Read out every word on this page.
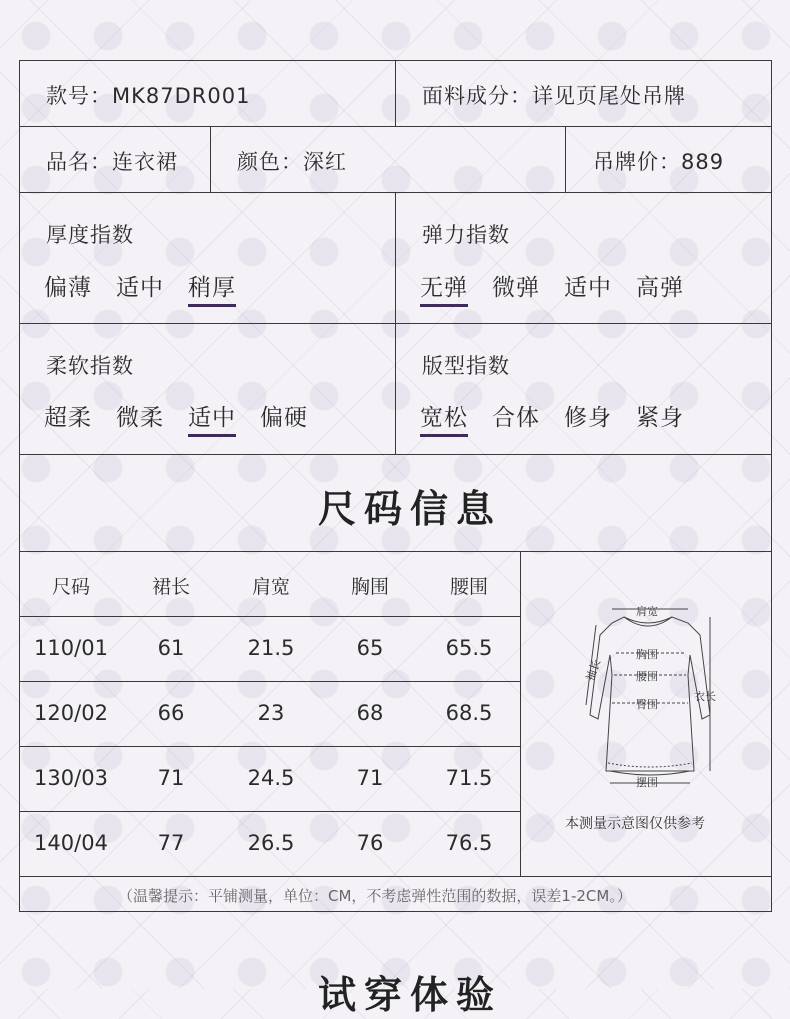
款号：MK87DR001	面料成分：详见页尾处吊牌
品名：连衣裙	颜色：深红	吊牌价：889
厚度指数
偏薄 适中 稍厚
弹力指数
无弹 微弹 适中 高弹
柔软指数
超柔 微柔 适中 偏硬
版型指数
宽松 合体 修身 紧身
尺码信息
尺码	裙长	肩宽	胸围	腰围
110/01	61	21.5	65	65.5
120/02	66	23	68	68.5
130/03	71	24.5	71	71.5
140/04	77	26.5	76	76.5
肩宽
袖长
胸围
腰围
臀围
衣长
摆围
本测量示意图仅供参考
（温馨提示：平铺测量，单位：CM，不考虑弹性范围的数据，误差1-2CM。）
试穿体验
